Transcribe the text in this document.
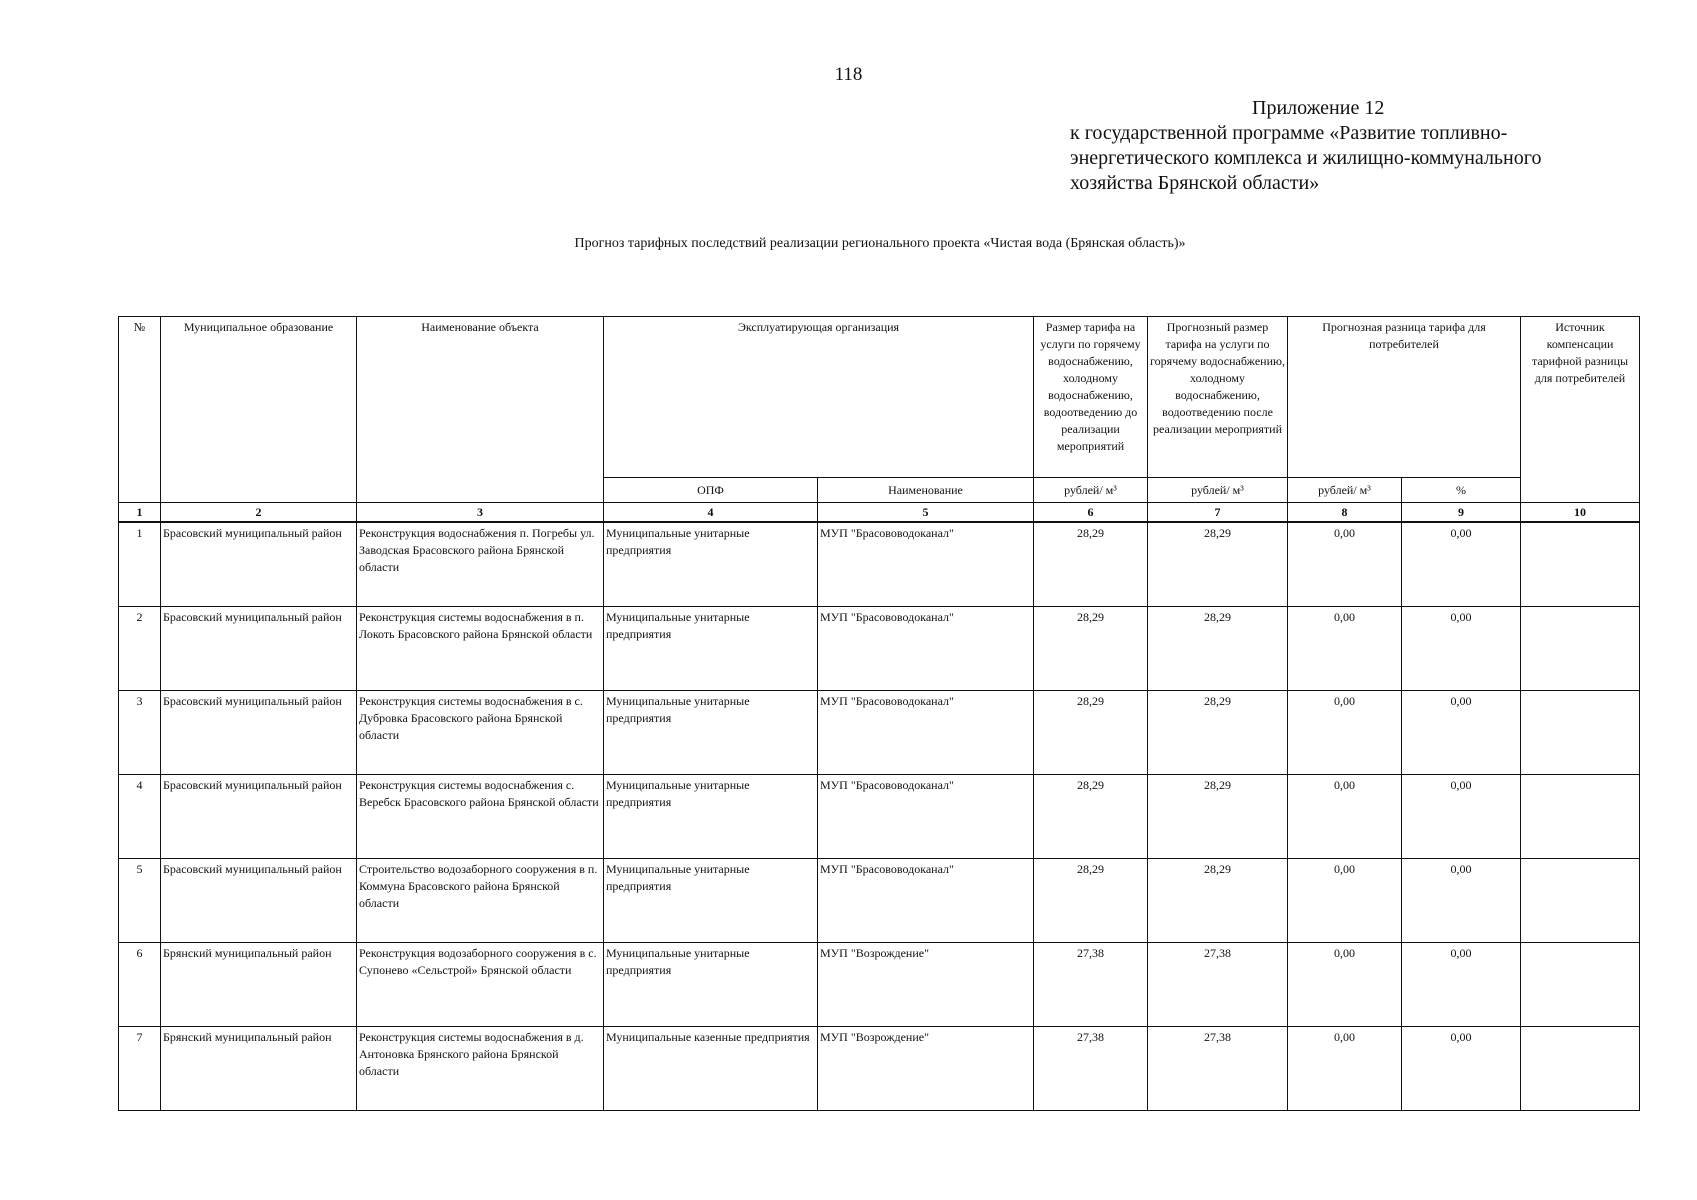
118
Приложение 12
к государственной программе «Развитие топливно-
энергетического комплекса и жилищно-коммунального
хозяйства Брянской области»
Прогноз тарифных последствий реализации регионального проекта «Чистая вода (Брянская область)»
№	Муниципальное образование	Наименование объекта	Эксплуатирующая организация		Размер тарифа на услуги по горячему водоснабжению, холодному водоснабжению, водоотведению до реализации мероприятий	Прогнозный размер тарифа на услуги по горячему водоснабжению, холодному водоснабжению, водоотведению после реализации мероприятий	Прогнозная разница тарифа для потребителей		Источник компенсации тарифной разницы для потребителей
			ОПФ	Наименование	рублей/ м³	рублей/ м³	рублей/ м³	%	
1	2	3	4	5	6	7	8	9	10
1	Брасовский муниципальный район	Реконструкция водоснабжения п. Погребы ул. Заводская Брасовского района Брянской области	Муниципальные унитарные предприятия	МУП "Брасововодоканал"	28,29	28,29	0,00	0,00	
2	Брасовский муниципальный район	Реконструкция системы водоснабжения в п. Локоть Брасовского района Брянской области	Муниципальные унитарные предприятия	МУП "Брасововодоканал"	28,29	28,29	0,00	0,00	
3	Брасовский муниципальный район	Реконструкция системы водоснабжения в с. Дубровка Брасовского района Брянской области	Муниципальные унитарные предприятия	МУП "Брасововодоканал"	28,29	28,29	0,00	0,00	
4	Брасовский муниципальный район	Реконструкция системы водоснабжения с. Веребск Брасовского района Брянской области	Муниципальные унитарные предприятия	МУП "Брасововодоканал"	28,29	28,29	0,00	0,00	
5	Брасовский муниципальный район	Строительство водозаборного сооружения в п. Коммуна Брасовского района Брянской области	Муниципальные унитарные предприятия	МУП "Брасововодоканал"	28,29	28,29	0,00	0,00	
6	Брянский муниципальный район	Реконструкция водозаборного сооружения в с. Супонево «Сельстрой» Брянской области	Муниципальные унитарные предприятия	МУП "Возрождение"	27,38	27,38	0,00	0,00	
7	Брянский муниципальный район	Реконструкция системы водоснабжения в д. Антоновка Брянского района Брянской области	Муниципальные казенные предприятия	МУП "Возрождение"	27,38	27,38	0,00	0,00	
